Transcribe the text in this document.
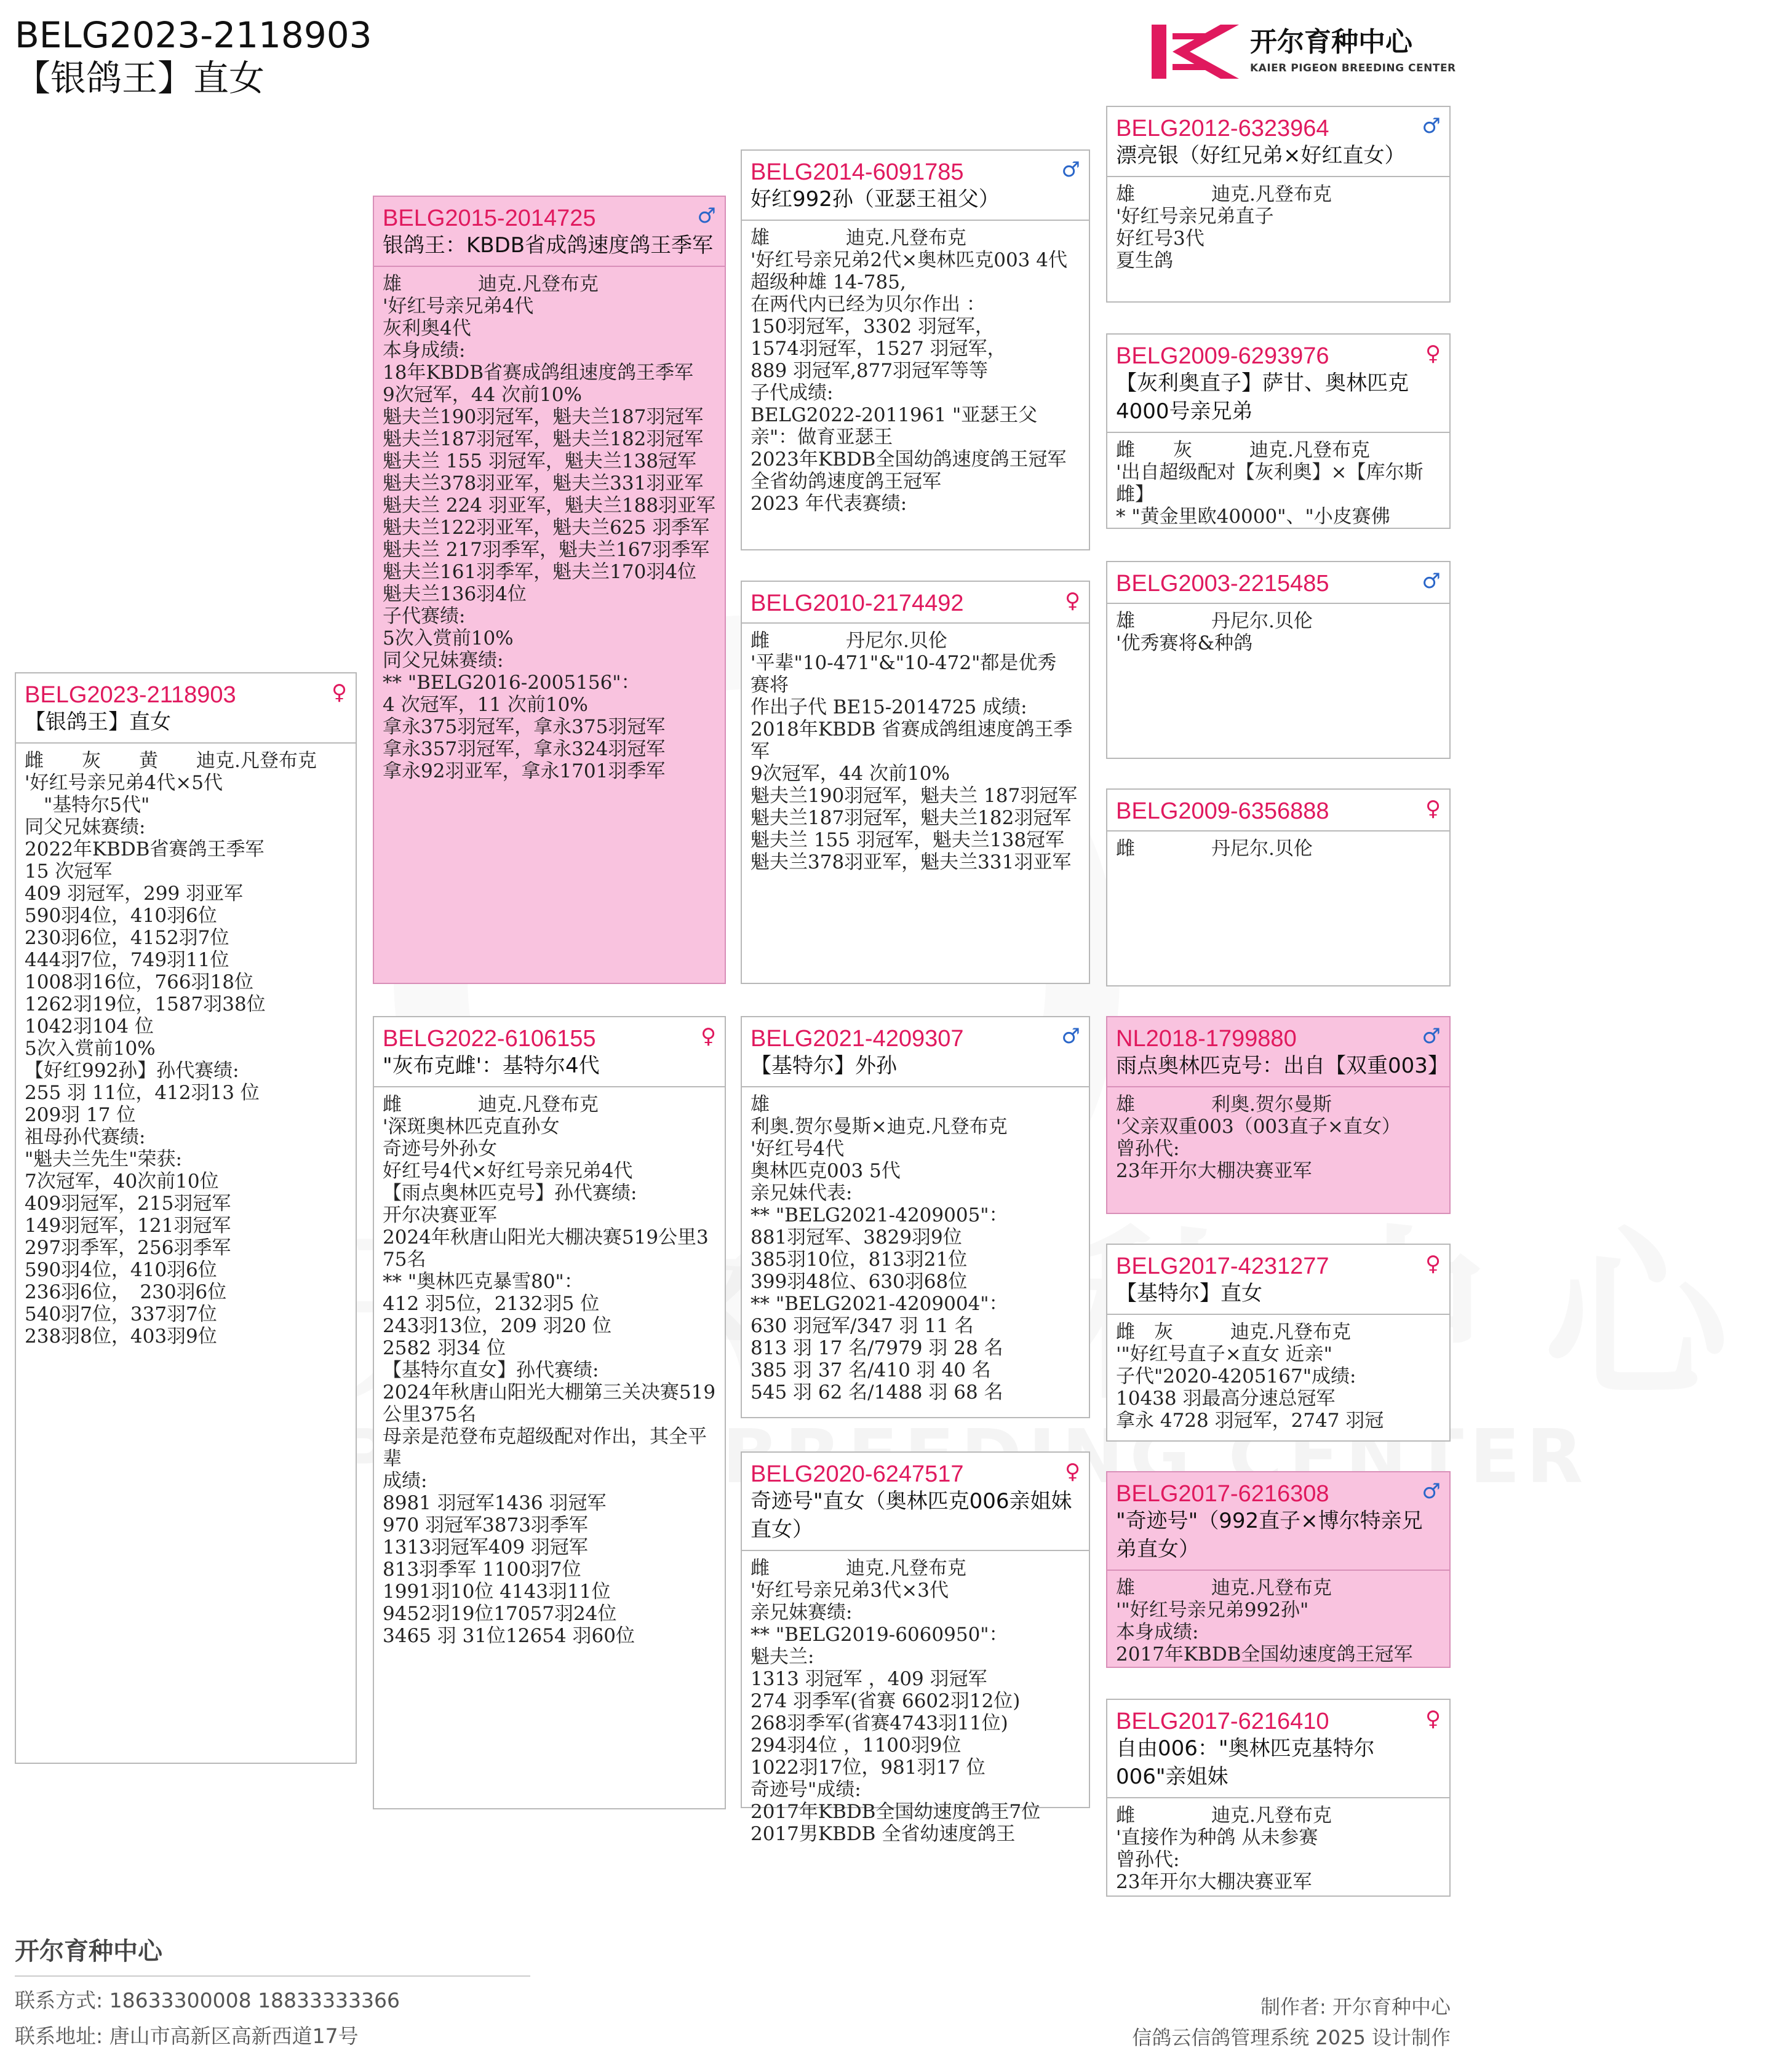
BELG2023-2118903
【银鸽王】直女
开尔育种中心
KAIER PIGEON BREEDING CENTER
BELG2023-2118903	♀
【银鸽王】直女
雌　　灰　　黄　　迪克.凡登布克
'好红号亲兄弟4代×5代
　"基特尔5代"
同父兄妹赛绩:
2022年KBDB省赛鸽王季军
15 次冠军
409 羽冠军，299 羽亚军
590羽4位，410羽6位
230羽6位，4152羽7位
444羽7位，749羽11位
1008羽16位，766羽18位
1262羽19位，1587羽38位
1042羽104 位
5次入赏前10%
【好红992孙】孙代赛绩:
255 羽 11位，412羽13 位
209羽 17 位
祖母孙代赛绩:
"魁夫兰先生"荣获:
7次冠军，40次前10位
409羽冠军，215羽冠军
149羽冠军，121羽冠军
297羽季军，256羽季军
590羽4位，410羽6位
236羽6位，　230羽6位
540羽7位，337羽7位
238羽8位，403羽9位
BELG2015-2014725	♂
银鸽王：KBDB省成鸽速度鸽王季军
雄　　　　迪克.凡登布克
'好红号亲兄弟4代
灰利奥4代
本身成绩:
18年KBDB省赛成鸽组速度鸽王季军
9次冠军，44 次前10%
魁夫兰190羽冠军，魁夫兰187羽冠军
魁夫兰187羽冠军，魁夫兰182羽冠军
魁夫兰 155 羽冠军，魁夫兰138冠军
魁夫兰378羽亚军，魁夫兰331羽亚军
魁夫兰 224 羽亚军，魁夫兰188羽亚军
魁夫兰122羽亚军，魁夫兰625 羽季军
魁夫兰 217羽季军，魁夫兰167羽季军
魁夫兰161羽季军，魁夫兰170羽4位
魁夫兰136羽4位
子代赛绩:
5次入赏前10%
同父兄妹赛绩:
** "BELG2016-2005156"：
4 次冠军，11 次前10%
拿永375羽冠军，拿永375羽冠军
拿永357羽冠军，拿永324羽冠军
拿永92羽亚军，拿永1701羽季军
BELG2022-6106155	♀
"灰布克雌'：基特尔4代
雌　　　　迪克.凡登布克
'深斑奥林匹克直孙女
奇迹号外孙女
好红号4代×好红号亲兄弟4代
【雨点奥林匹克号】孙代赛绩:
开尔决赛亚军
2024年秋唐山阳光大棚决赛519公里375名
** "奥林匹克暴雪80"：
412 羽5位，2132羽5 位
243羽13位，209 羽20 位
2582 羽34 位
【基特尔直女】孙代赛绩:
2024年秋唐山阳光大棚第三关决赛519公里375名
母亲是范登布克超级配对作出，其全平辈
成绩:
8981 羽冠军1436 羽冠军
970 羽冠军3873羽季军
1313羽冠军409 羽冠军
813羽季军 1100羽7位
1991羽10位 4143羽11位
9452羽19位17057羽24位
3465 羽 31位12654 羽60位
BELG2014-6091785	♂
好红992孙（亚瑟王祖父）
雄　　　　迪克.凡登布克
'好红号亲兄弟2代×奥林匹克003 4代
超级种雄 14-785,
在两代内已经为贝尔作出 ：
150羽冠军，3302 羽冠军，
1574羽冠军，1527 羽冠军，
889 羽冠军,877羽冠军等等
子代成绩:
BELG2022-2011961 "亚瑟王父亲"：做育亚瑟王
2023年KBDB全国幼鸽速度鸽王冠军
全省幼鸽速度鸽王冠军
2023 年代表赛绩:

BELG2010-2174492	♀
雌　　　　丹尼尔.贝伦
'平辈"10-471"&"10-472"都是优秀
赛将
作出子代 BE15-2014725 成绩:
2018年KBDB 省赛成鸽组速度鸽王季军
9次冠军，44 次前10%
魁夫兰190羽冠军，魁夫兰 187羽冠军
魁夫兰187羽冠军，魁夫兰182羽冠军
魁夫兰 155 羽冠军，魁夫兰138冠军
魁夫兰378羽亚军，魁夫兰331羽亚军
BELG2021-4209307	♂
【基特尔】外孙
雄
利奥.贺尔曼斯×迪克.凡登布克
'好红号4代
奥林匹克003 5代
亲兄妹代表:
** "BELG2021-4209005"：
881羽冠军、3829羽9位
385羽10位，813羽21位
399羽48位、630羽68位
** "BELG2021-4209004"：
630 羽冠军/347 羽 11 名
813 羽 17 名/7979 羽 28 名
385 羽 37 名/410 羽 40 名
545 羽 62 名/1488 羽 68 名
BELG2020-6247517	♀
奇迹号"直女（奥林匹克006亲姐妹直女）
雌　　　　迪克.凡登布克
'好红号亲兄弟3代×3代
亲兄妹赛绩:
** "BELG2019-6060950"：
魁夫兰:
1313 羽冠军 ，409 羽冠军
274 羽季军(省赛 6602羽12位)
268羽季军(省赛4743羽11位)
294羽4位 ，1100羽9位
1022羽17位，981羽17 位
奇迹号"成绩:
2017年KBDB全国幼速度鸽王7位
2017男KBDB 全省幼速度鸽王
BELG2012-6323964	♂
漂亮银（好红兄弟×好红直女）
雄　　　　迪克.凡登布克
'好红号亲兄弟直子
好红号3代
夏生鸽
BELG2009-6293976	♀
【灰利奥直子】萨甘、奥林匹克4000号亲兄弟
雌　　灰　　　迪克.凡登布克
'出自超级配对【灰利奥】×【库尔斯雌】
* "黄金里欧40000"、"小皮赛佛
BELG2003-2215485	♂
雄　　　　丹尼尔.贝伦
'优秀赛将&种鸽
BELG2009-6356888	♀
雌　　　　丹尼尔.贝伦
NL2018-1799880	♂
雨点奥林匹克号：出自【双重003】
雄　　　　利奥.贺尔曼斯
'父亲双重003（003直子×直女）
曾孙代:
23年开尔大棚决赛亚军
BELG2017-4231277	♀
【基特尔】直女
雌　灰　　　迪克.凡登布克
'"好红号直子×直女 近亲"
子代"2020-4205167"成绩:
10438 羽最高分速总冠军
拿永 4728 羽冠军，2747 羽冠
BELG2017-6216308	♂
"奇迹号"（992直子×博尔特亲兄弟直女）
雄　　　　迪克.凡登布克
'"好红号亲兄弟992孙"
本身成绩:
2017年KBDB全国幼速度鸽王冠军
BELG2017-6216410	♀
自由006："奥林匹克基特尔 006"亲姐妹
雌　　　　迪克.凡登布克
'直接作为种鸽 从未参赛
曾孙代:
23年开尔大棚决赛亚军
开尔育种中心
联系方式: 18633300008 18833333366
联系地址: 唐山市高新区高新西道17号
制作者: 开尔育种中心
信鸽云信鸽管理系统 2025 设计制作
